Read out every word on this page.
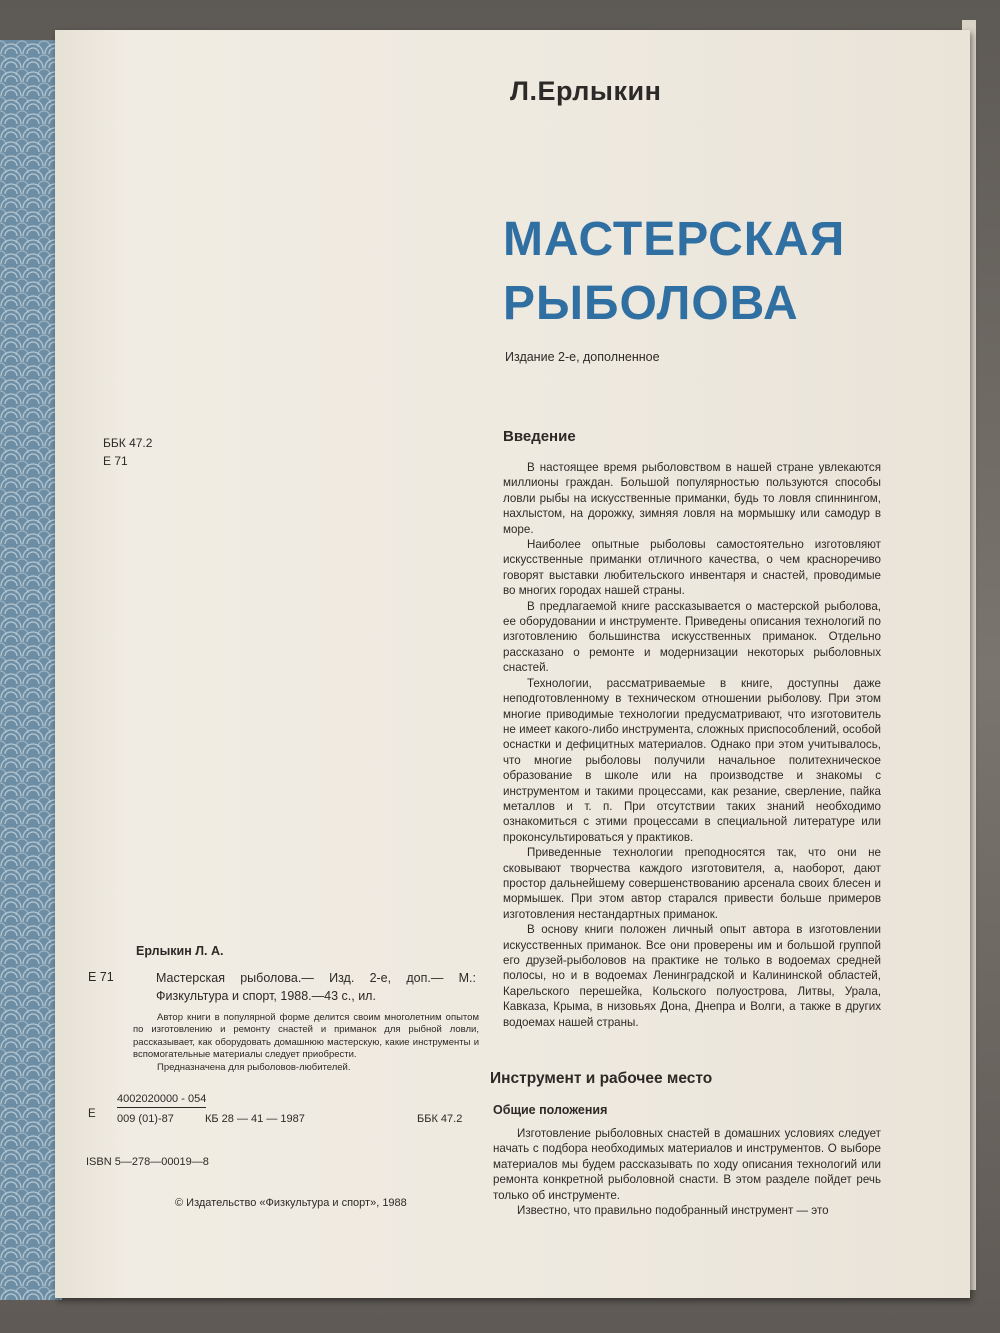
Л.Ерлыкин
МАСТЕРСКАЯ
РЫБОЛОВА
Издание 2-е, дополненное
ББК 47.2
Е 71
Введение

В настоящее время рыболовством в нашей стране увлекаются миллионы граждан. Большой популярностью пользуются способы ловли рыбы на искусственные приманки, будь то ловля спиннингом, нахлыстом, на дорожку, зимняя ловля на мормышку или самодур в море.

Наиболее опытные рыболовы самостоятельно изготовляют искусственные приманки отличного качества, о чем красноречиво говорят выставки любительского инвентаря и снастей, проводимые во многих городах нашей страны.

В предлагаемой книге рассказывается о мастерской рыболова, ее оборудовании и инструменте. Приведены описания технологий по изготовлению большинства искусственных приманок. Отдельно рассказано о ремонте и модернизации некоторых рыболовных снастей.

Технологии, рассматриваемые в книге, доступны даже неподготовленному в техническом отношении рыболову. При этом многие приводимые технологии предусматривают, что изготовитель не имеет какого-либо инструмента, сложных приспособлений, особой оснастки и дефицитных материалов. Однако при этом учитывалось, что многие рыболовы получили начальное политехническое образование в школе или на производстве и знакомы с инструментом и такими процессами, как резание, сверление, пайка металлов и т. п. При отсутствии таких знаний необходимо ознакомиться с этими процессами в специальной литературе или проконсультироваться у практиков.

Приведенные технологии преподносятся так, что они не сковывают творчества каждого изготовителя, а, наоборот, дают простор дальнейшему совершенствованию арсенала своих блесен и мормышек. При этом автор старался привести больше примеров изготовления нестандартных приманок.

В основу книги положен личный опыт автора в изготовлении искусственных приманок. Все они проверены им и большой группой его друзей-рыболовов на практике не только в водоемах средней полосы, но и в водоемах Ленинградской и Калининской областей, Карельского перешейка, Кольского полуострова, Литвы, Урала, Кавказа, Крыма, в низовьях Дона, Днепра и Волги, а также в других водоемах нашей страны.

Инструмент и рабочее место
Общие положения

Изготовление рыболовных снастей в домашних условиях следует начать с подбора необходимых материалов и инструментов. О выборе материалов мы будем рассказывать по ходу описания технологий или ремонта конкретной рыболовной снасти. В этом разделе пойдет речь только об инструменте.

Известно, что правильно подобранный инструмент — это

Ерлыкин Л. А.
Е 71	Мастерская рыболова.— Изд. 2-е, доп.— М.: Физкультура и спорт, 1988.—43 с., ил.

Автор книги в популярной форме делится своим многолетним опытом по изготовлению и ремонту снастей и приманок для рыбной ловли, рассказывает, как оборудовать домашнюю мастерскую, какие инструменты и вспомогательные материалы следует приобрести.

Предназначена для рыболовов-любителей.

Е
4002020000 - 054
009 (01)-87	КБ 28 — 41 — 1987	ББК 47.2
ISBN 5—278—00019—8
© Издательство «Физкультура и спорт», 1988
